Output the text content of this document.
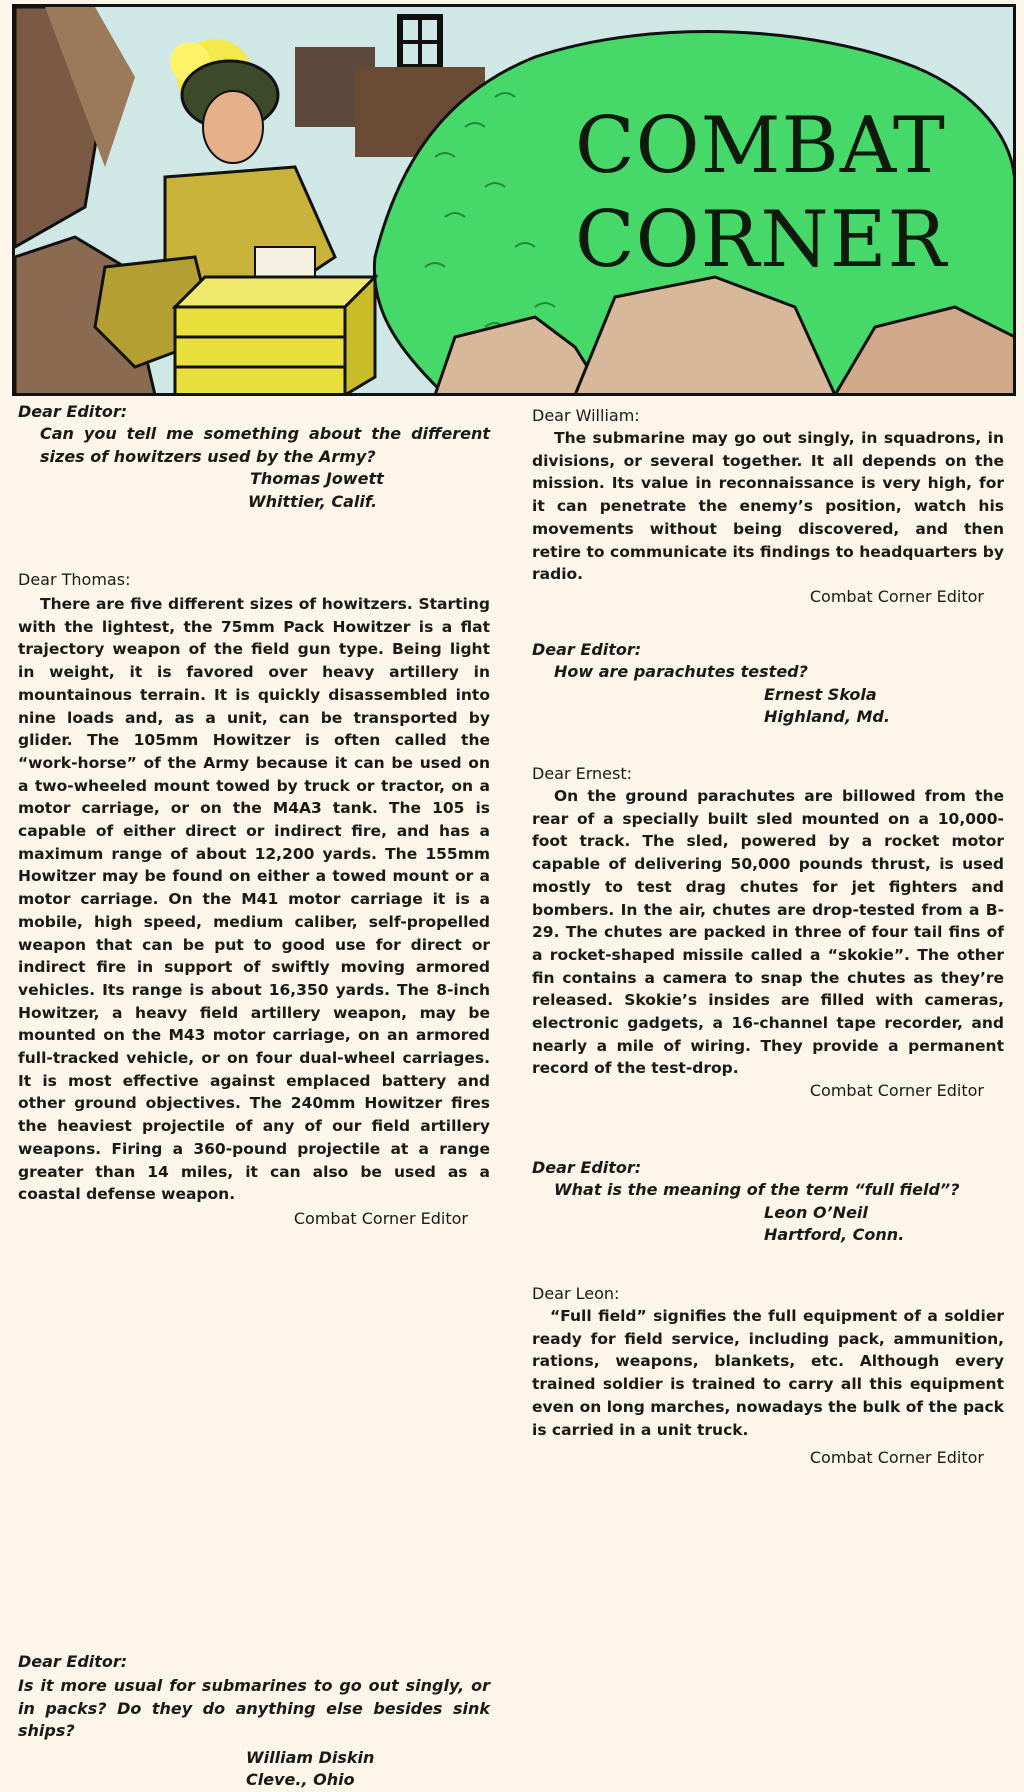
COMBAT
CORNER
Dear Editor:
Can you tell me something about the different sizes of howitzers used by the Army?
Thomas Jowett
Whittier, Calif.
Dear Thomas:
There are five different sizes of howitzers. Starting with the lightest, the 75mm Pack Howitzer is a flat trajectory weapon of the field gun type. Being light in weight, it is favored over heavy artillery in mountainous terrain. It is quickly disassembled into nine loads and, as a unit, can be transported by glider. The 105mm Howitzer is often called the “work-horse” of the Army because it can be used on a two-wheeled mount towed by truck or tractor, on a motor carriage, or on the M4A3 tank. The 105 is capable of either direct or indirect fire, and has a maximum range of about 12,200 yards. The 155mm Howitzer may be found on either a towed mount or a motor carriage. On the M41 motor carriage it is a mobile, high speed, medium caliber, self-propelled weapon that can be put to good use for direct or indirect fire in support of swiftly moving armored vehicles. Its range is about 16,350 yards. The 8-inch Howitzer, a heavy field artillery weapon, may be mounted on the M43 motor carriage, on an armored full-tracked vehicle, or on four dual-wheel carriages. It is most effective against emplaced battery and other ground objectives. The 240mm Howitzer fires the heaviest projectile of any of our field artillery weapons. Firing a 360-pound projectile at a range greater than 14 miles, it can also be used as a coastal defense weapon.
Combat Corner Editor
Dear Editor:
Is it more usual for submarines to go out singly, or in packs? Do they do anything else besides sink ships?
William Diskin
Cleve., Ohio
Dear William:
The submarine may go out singly, in squadrons, in divisions, or several together. It all depends on the mission. Its value in reconnaissance is very high, for it can penetrate the enemy’s position, watch his movements without being discovered, and then retire to communicate its findings to headquarters by radio.
Combat Corner Editor
Dear Editor:
How are parachutes tested?
Ernest Skola
Highland, Md.
Dear Ernest:
On the ground parachutes are billowed from the rear of a specially built sled mounted on a 10,000-foot track. The sled, powered by a rocket motor capable of delivering 50,000 pounds thrust, is used mostly to test drag chutes for jet fighters and bombers. In the air, chutes are drop-tested from a B-29. The chutes are packed in three of four tail fins of a rocket-shaped missile called a “skokie”. The other fin contains a camera to snap the chutes as they’re released. Skokie’s insides are filled with cameras, electronic gadgets, a 16-channel tape recorder, and nearly a mile of wiring. They provide a permanent record of the test-drop.
Combat Corner Editor
Dear Editor:
What is the meaning of the term “full field”?
Leon O’Neil
Hartford, Conn.
Dear Leon:
“Full field” signifies the full equipment of a soldier ready for field service, including pack, ammunition, rations, weapons, blankets, etc. Although every trained soldier is trained to carry all this equipment even on long marches, nowadays the bulk of the pack is carried in a unit truck.
Combat Corner Editor
